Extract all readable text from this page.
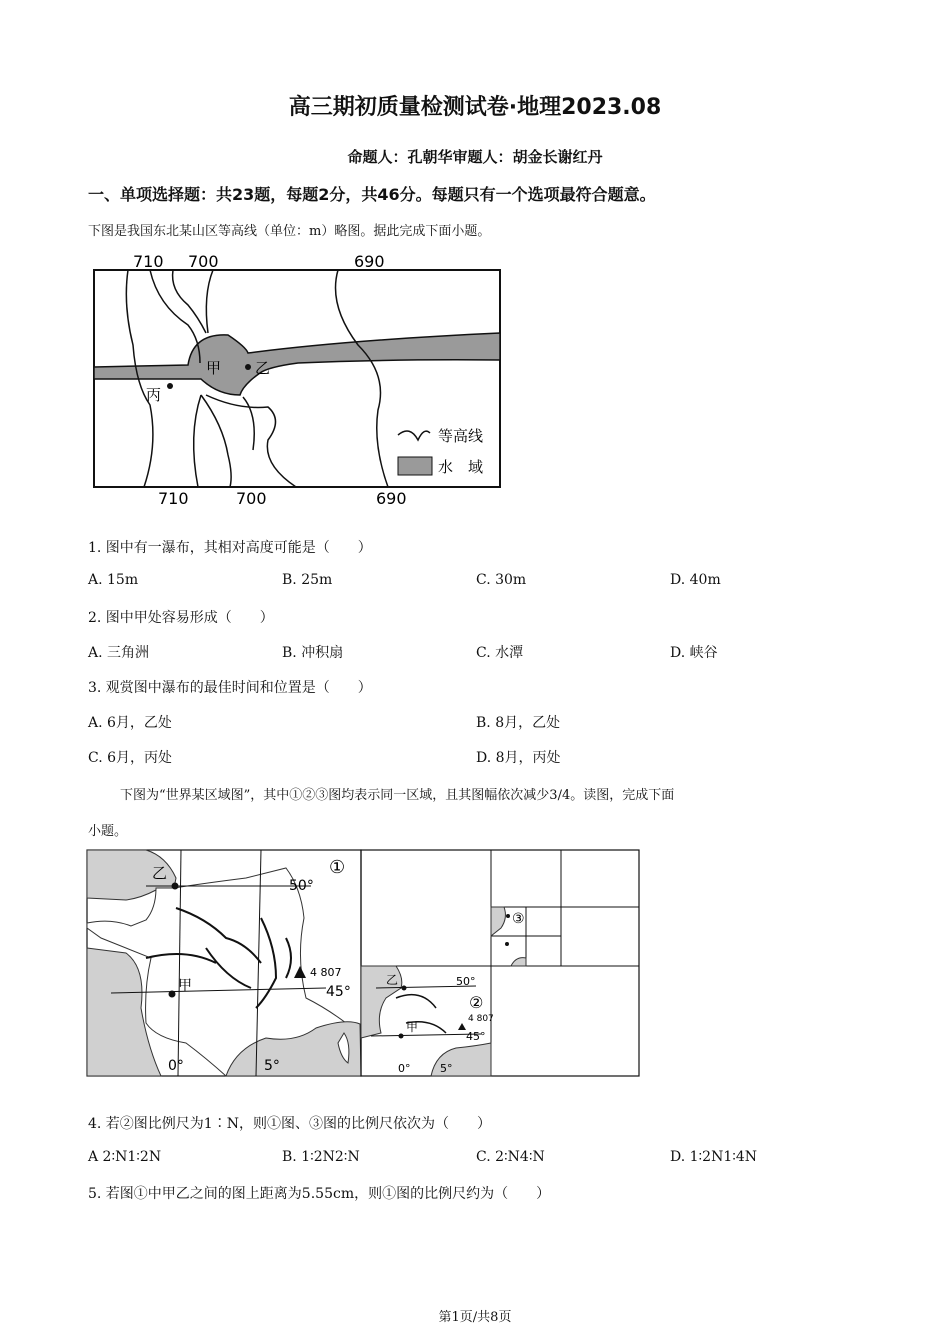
高三期初质量检测试卷·地理2023.08
命题人：孔朝华审题人：胡金长谢红丹
一、单项选择题：共23题，每题2分，共46分。每题只有一个选项最符合题意。
下图是我国东北某山区等高线（单位：m）略图。据此完成下面小题。
710 700	690
710	700	690
甲 乙
丙
等高线
水　域
1. 图中有一瀑布，其相对高度可能是（　　）
A. 15m	B. 25m	C. 30m	D. 40m
2. 图中甲处容易形成（　　）
A. 三角洲	B. 冲积扇	C. 水潭	D. 峡谷
3. 观赏图中瀑布的最佳时间和位置是（　　）
A. 6月，乙处	B. 8月，乙处
C. 6月，丙处	D. 8月，丙处
下图为“世界某区域图”，其中①②③图均表示同一区域，且其图幅依次减少3/4。读图，完成下面
小题。
乙
甲
50°
45°
0°	5°
4 807
①
乙
甲
50°
45°
0°	5°
4 807
②
③
4. 若②图比例尺为1∶N，则①图、③图的比例尺依次为（　　）
A 2∶N1∶2N	B. 1∶2N2∶N	C. 2∶N4∶N	D. 1∶2N1∶4N
5. 若图①中甲乙之间的图上距离为5.55cm，则①图的比例尺约为（　　）
第1页/共8页
